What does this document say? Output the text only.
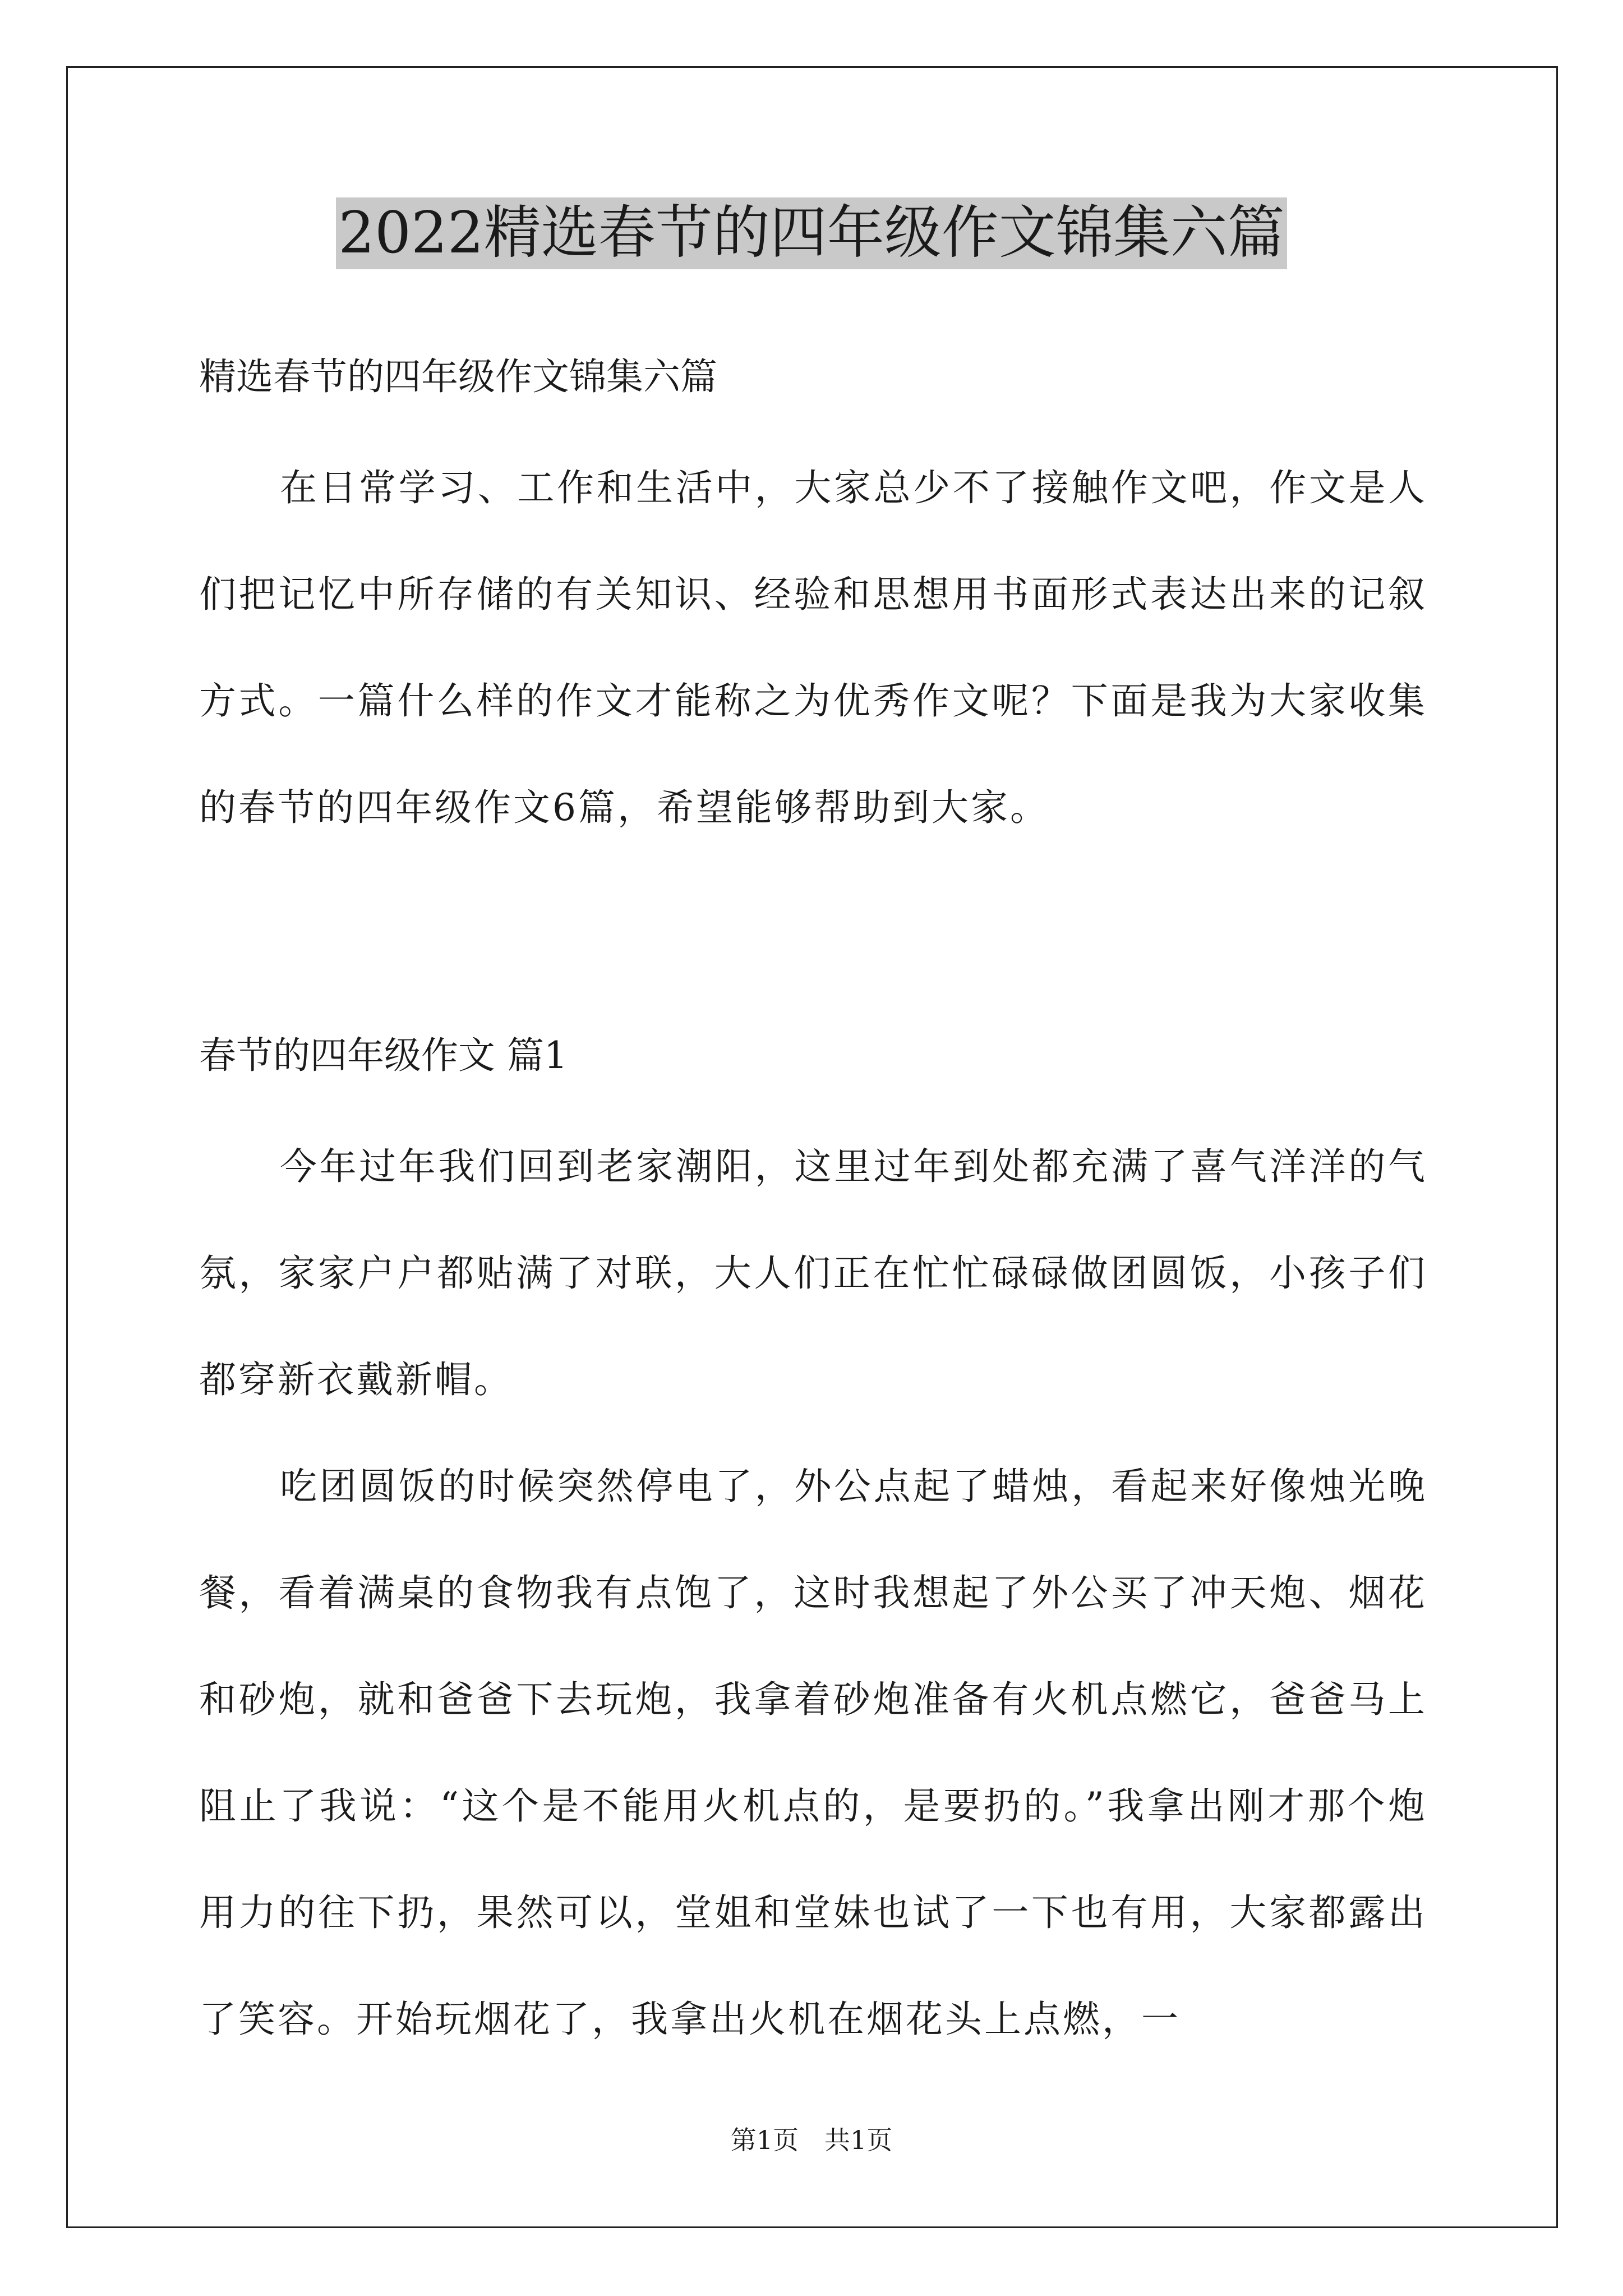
2022精选春节的四年级作文锦集六篇
精选春节的四年级作文锦集六篇

在日常学习、工作和生活中，大家总少不了接触作文吧，作文是人们把记忆中所存储的有关知识、经验和思想用书面形式表达出来的记叙方式。一篇什么样的作文才能称之为优秀作文呢？下面是我为大家收集的春节的四年级作文6篇，希望能够帮助到大家。

春节的四年级作文 篇1

今年过年我们回到老家潮阳，这里过年到处都充满了喜气洋洋的气氛，家家户户都贴满了对联，大人们正在忙忙碌碌做团圆饭，小孩子们都穿新衣戴新帽。

吃团圆饭的时候突然停电了，外公点起了蜡烛，看起来好像烛光晚餐，看着满桌的食物我有点饱了，这时我想起了外公买了冲天炮、烟花和砂炮，就和爸爸下去玩炮，我拿着砂炮准备有火机点燃它，爸爸马上阻止了我说：“这个是不能用火机点的，是要扔的。”我拿出刚才那个炮用力的往下扔，果然可以，堂姐和堂妹也试了一下也有用，大家都露出了笑容。开始玩烟花了，我拿出火机在烟花头上点燃，一

第1页　共1页
